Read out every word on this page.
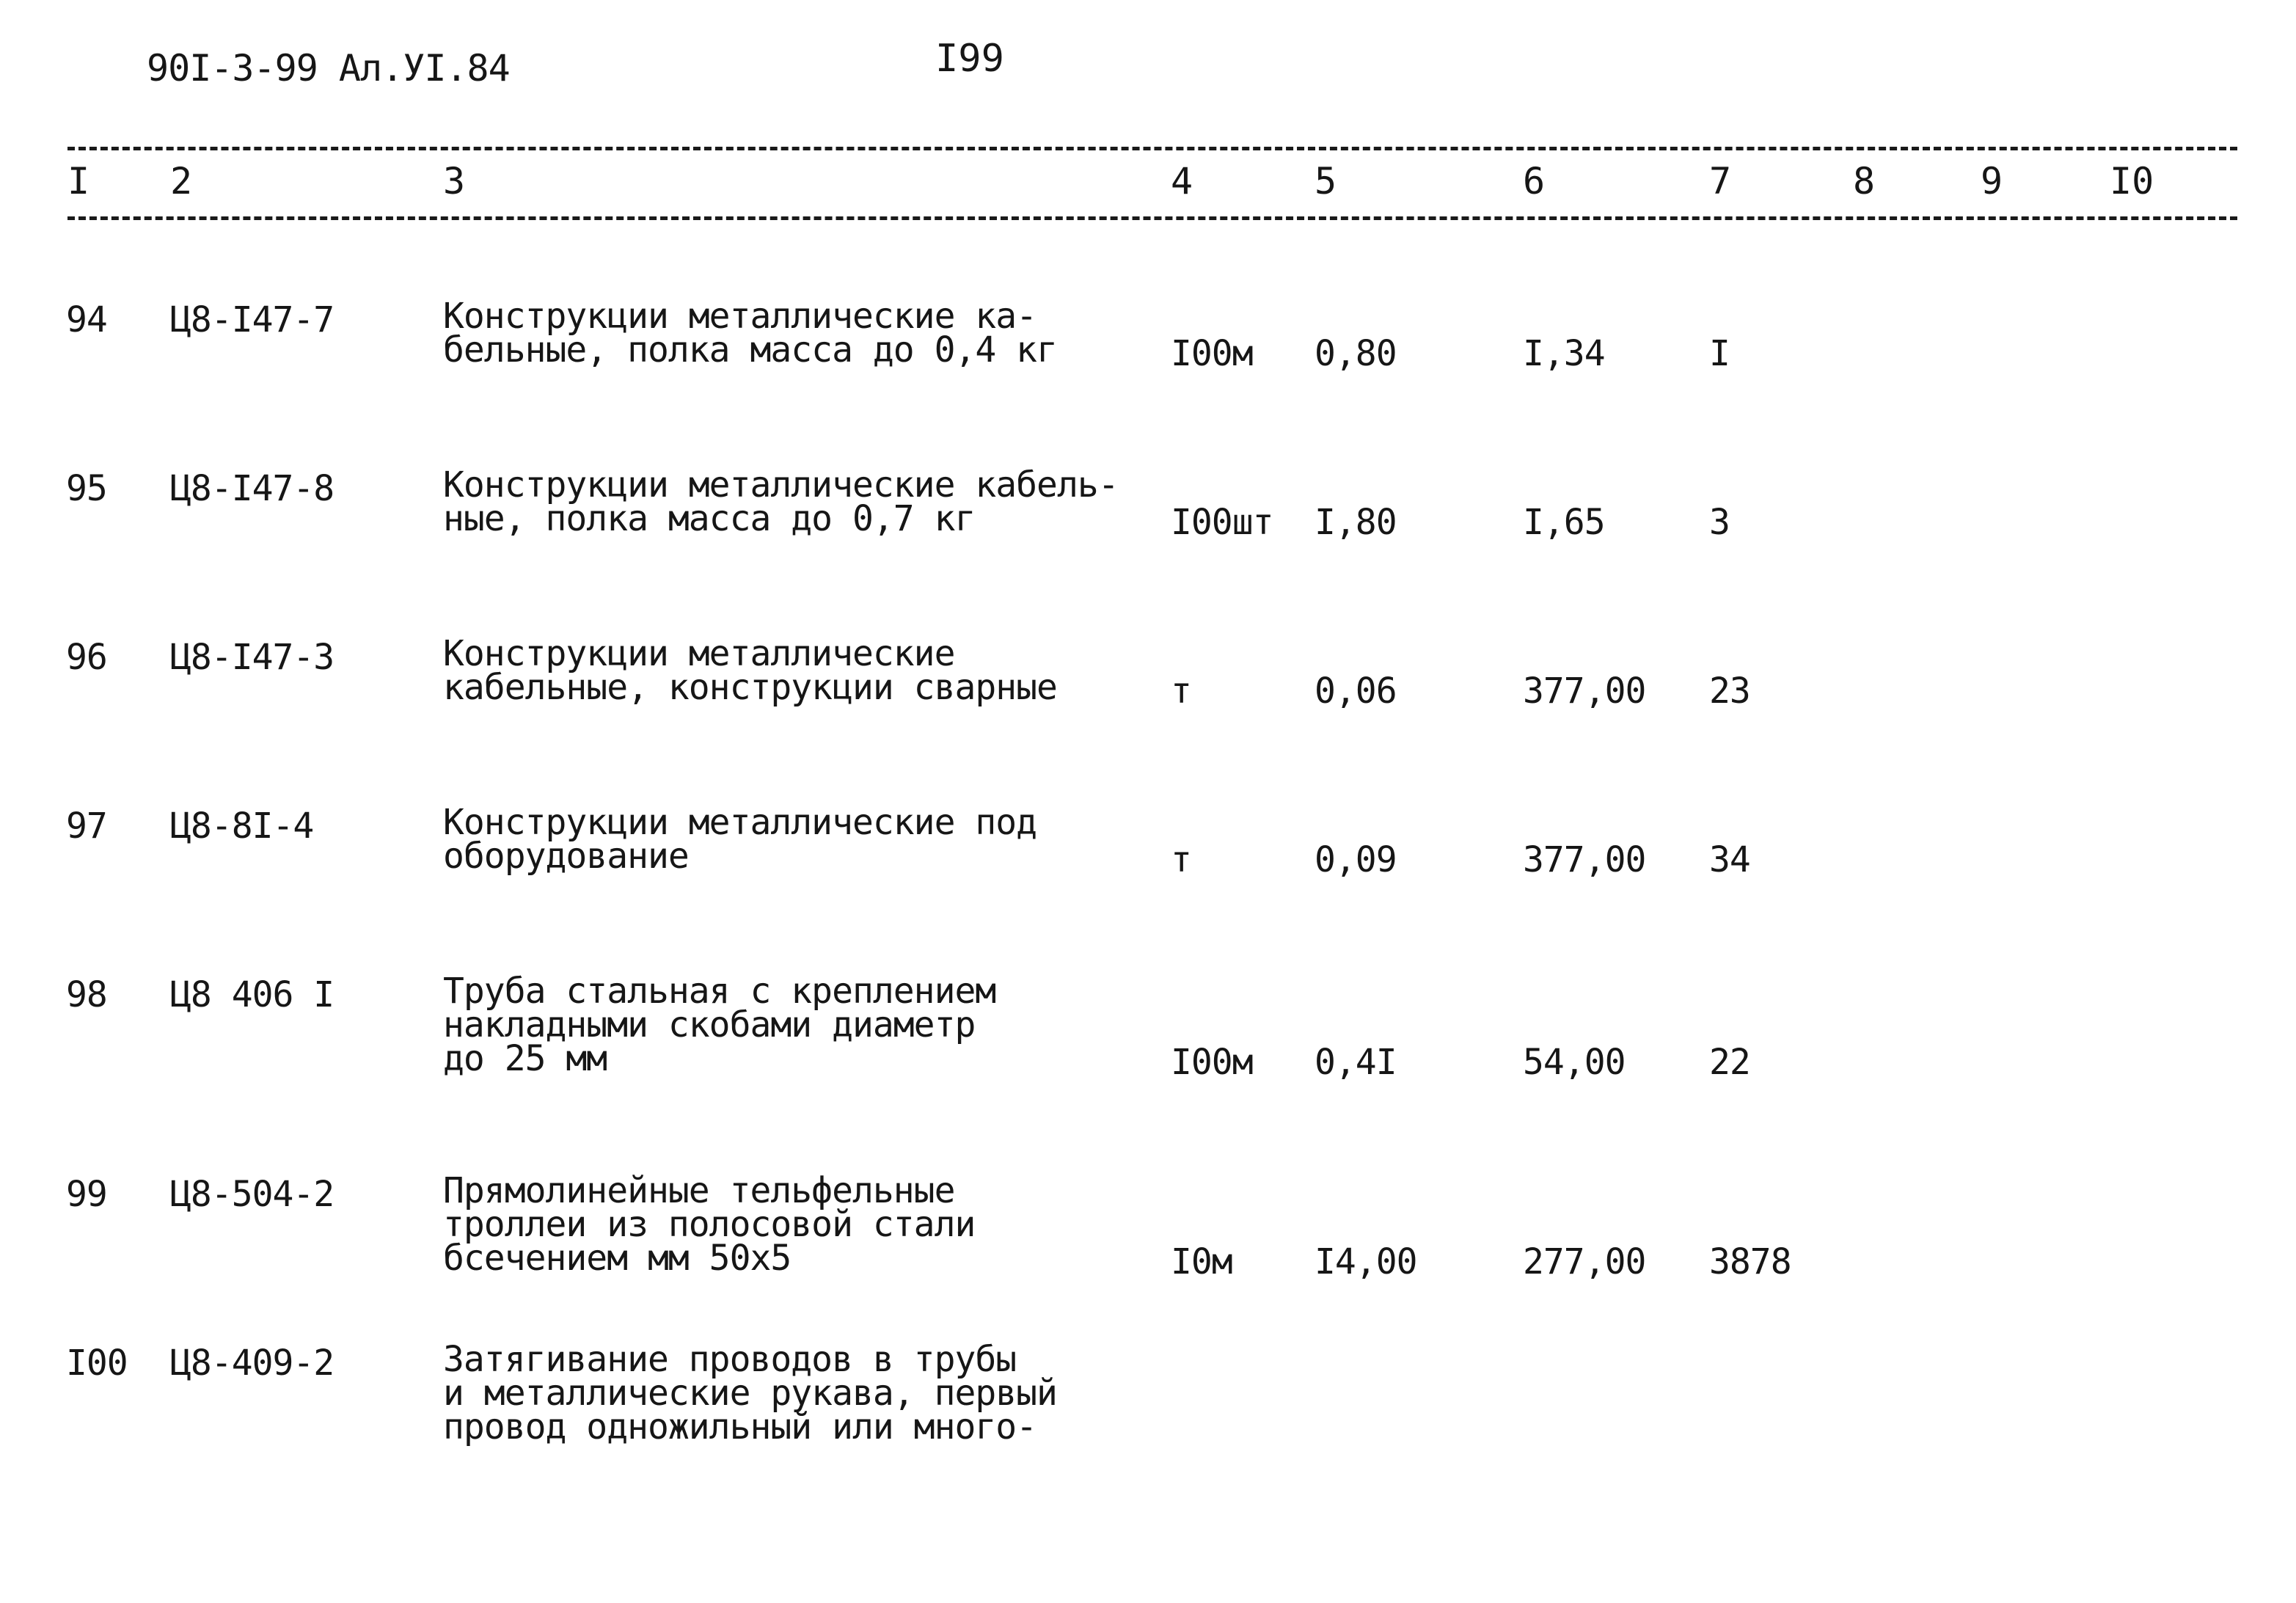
90I-3-99 Ал.УI.84	I99
I 2	3	4	5	6	7	8	9	I0
94 Ц8-I47-7	Конструкции металлические ка-
бельные, полка масса до 0,4 кг	I00м 0,80	I,34	I
95 Ц8-I47-8	Конструкции металлические кабель-
ные, полка масса до 0,7 кг	I00шт I,80	I,65	3
96 Ц8-I47-3	Конструкции металлические
кабельные, конструкции сварные	т	0,06	377,00 23
97 Ц8-8I-4	Конструкции металлические под
оборудование	т	0,09	377,00 34
98 Ц8 406 I	Труба стальная с креплением
накладными скобами диаметр
до 25 мм	I00м 0,4I	54,00 22
99 Ц8-504-2	Прямолинейные тельфельные
троллеи из полосовой стали
бсечением мм 50х5	I0м I4,00	277,00 3878
I00 Ц8-409-2	Затягивание проводов в трубы
и металлические рукава, первый
провод одножильный или много-
